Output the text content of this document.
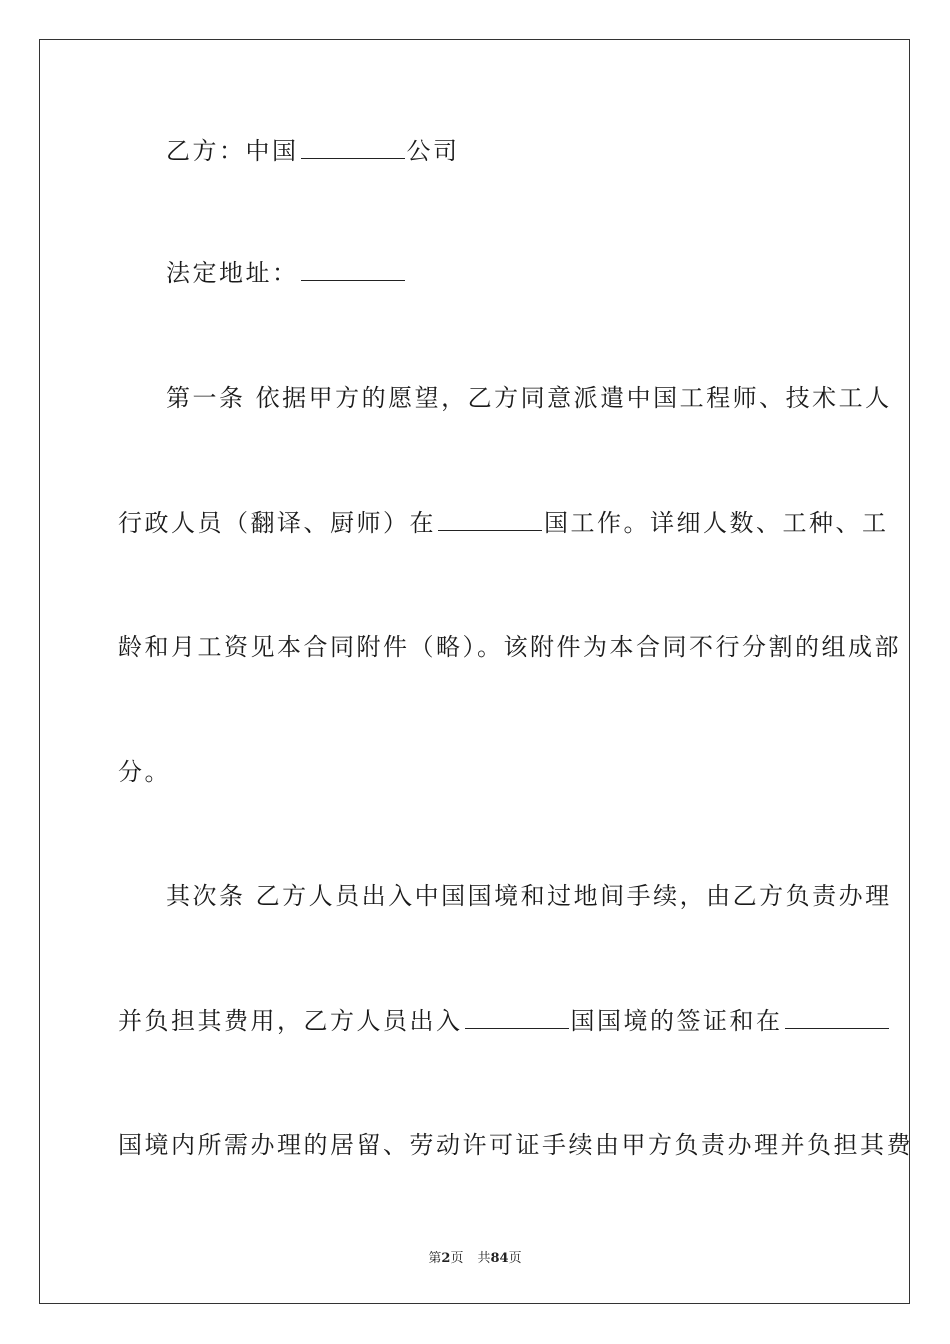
乙方：中国	公司
法定地址：
第一条 依据甲方的愿望，乙方同意派遣中国工程师、技术工人
行政人员（翻译、厨师）在	国工作。详细人数、工种、工
龄和月工资见本合同附件（略）。该附件为本合同不行分割的组成部
分。
其次条 乙方人员出入中国国境和过地间手续，由乙方负责办理
并负担其费用，乙方人员出入	国国境的签证和在
国境内所需办理的居留、劳动许可证手续由甲方负责办理并负担其费
第2页 共84页
